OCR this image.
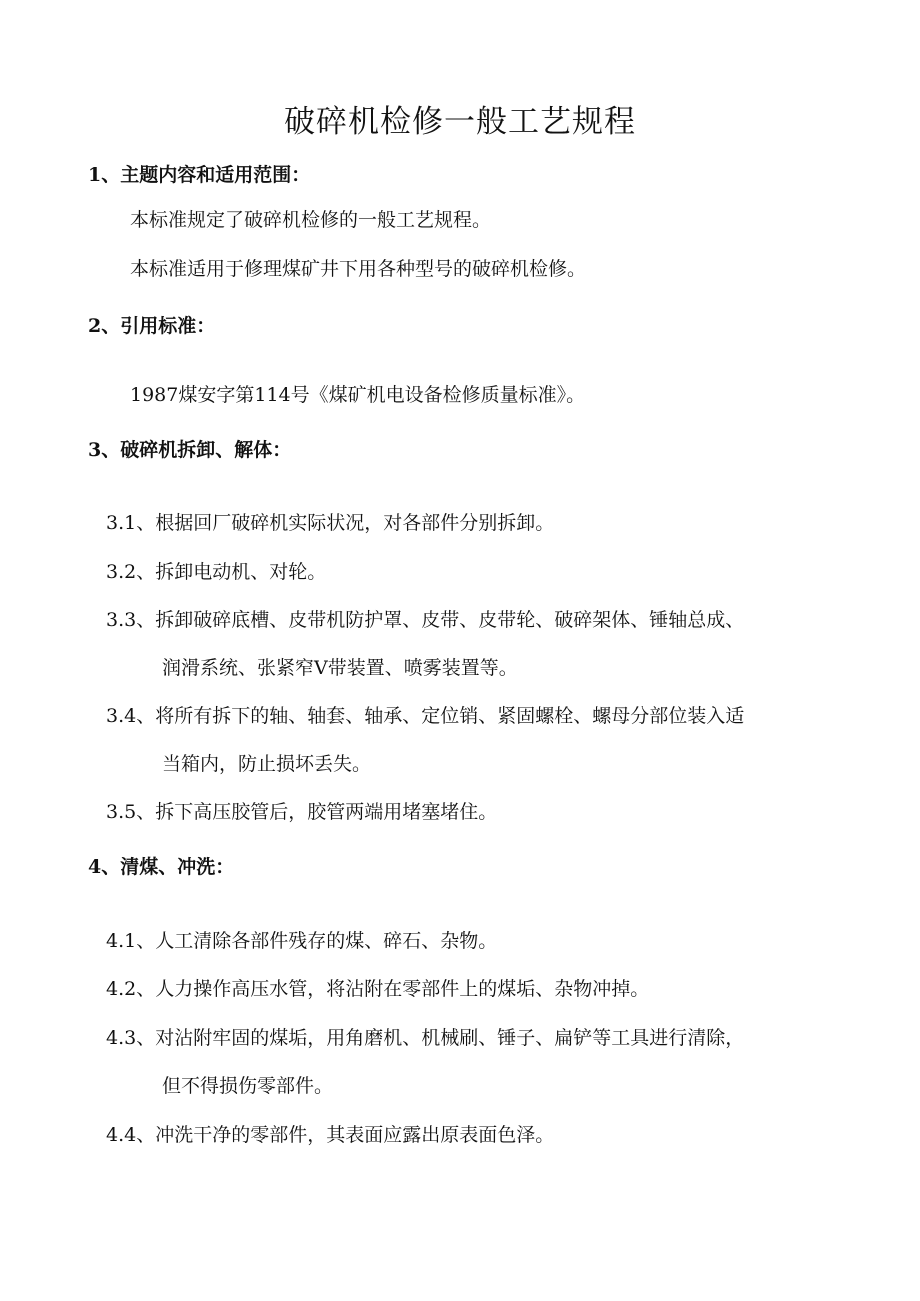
破碎机检修一般工艺规程
1、主题内容和适用范围：
本标准规定了破碎机检修的一般工艺规程。
本标准适用于修理煤矿井下用各种型号的破碎机检修。
2、引用标准：
1987煤安字第114号《煤矿机电设备检修质量标准》。
3、破碎机拆卸、解体：
3.1、根据回厂破碎机实际状况，对各部件分别拆卸。
3.2、拆卸电动机、对轮。
3.3、拆卸破碎底槽、皮带机防护罩、皮带、皮带轮、破碎架体、锤轴总成、
润滑系统、张紧窄V带装置、喷雾装置等。
3.4、将所有拆下的轴、轴套、轴承、定位销、紧固螺栓、螺母分部位装入适
当箱内，防止损坏丢失。
3.5、拆下高压胶管后，胶管两端用堵塞堵住。
4、清煤、冲洗：
4.1、人工清除各部件残存的煤、碎石、杂物。
4.2、人力操作高压水管，将沾附在零部件上的煤垢、杂物冲掉。
4.3、对沾附牢固的煤垢，用角磨机、机械刷、锤子、扁铲等工具进行清除，
但不得损伤零部件。
4.4、冲洗干净的零部件，其表面应露出原表面色泽。
